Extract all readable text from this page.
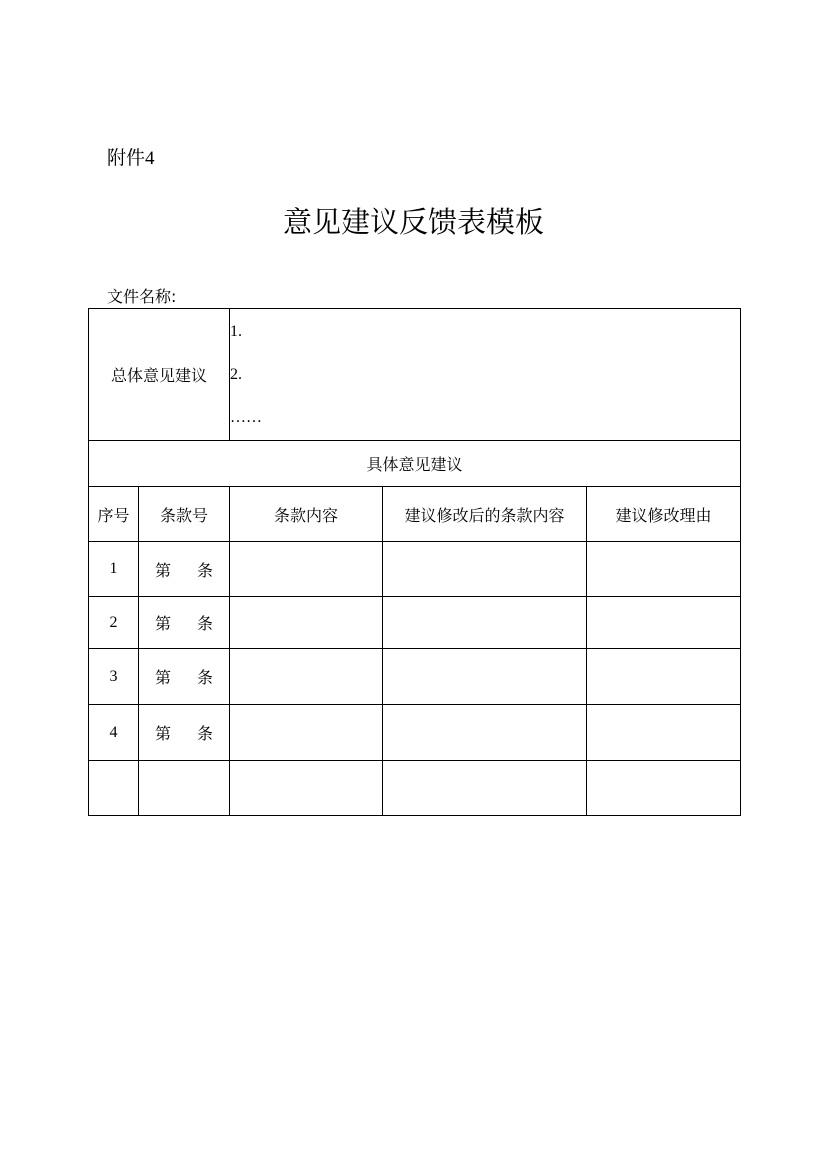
附件4
意见建议反馈表模板
文件名称:
总体意见建议		1.
2.
……		

具体意见建议				
序号	条款号	条款内容	建议修改后的条款内容	建议修改理由
1	第 条			
2	第 条			
3	第 条			
4	第 条			
